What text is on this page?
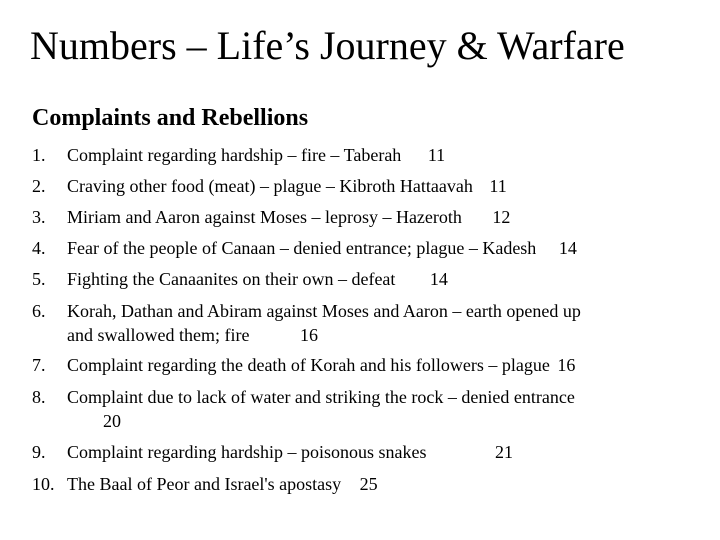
Numbers – Life’s Journey & Warfare
Complaints and Rebellions
1. Complaint regarding hardship – fire – Taberah 11
2. Craving other food (meat) – plague – Kibroth Hattaavah 11
3. Miriam and Aaron against Moses – leprosy – Hazeroth 12
4. Fear of the people of Canaan – denied entrance; plague – Kadesh 14
5. Fighting the Canaanites on their own – defeat 14
6. Korah, Dathan and Abiram against Moses and Aaron – earth opened up
and swallowed them; fire	16
7. Complaint regarding the death of Korah and his followers – plague 16
8. Complaint due to lack of water and striking the rock – denied entrance
20
9. Complaint regarding hardship – poisonous snakes	21
10. The Baal of Peor and Israel's apostasy 25
